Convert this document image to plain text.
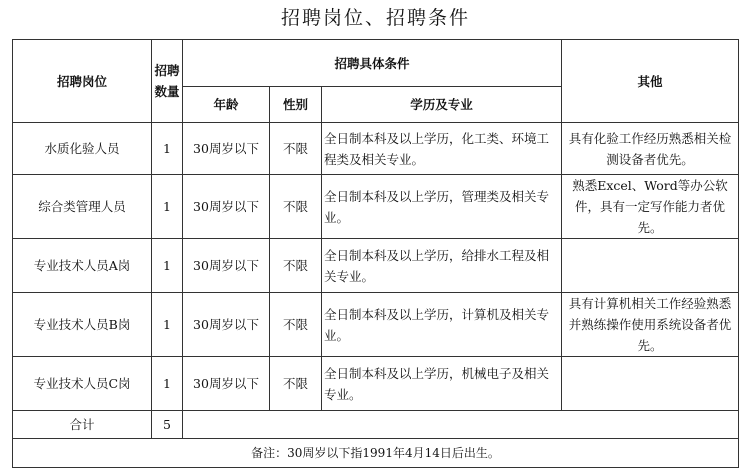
招聘岗位、招聘条件
招聘岗位	招聘数量	招聘具体条件			其他
		年龄	性别	学历及专业	
水质化验人员	1	30周岁以下	不限	全日制本科及以上学历，化工类、环境工程类及相关专业。	具有化验工作经历熟悉相关检测设备者优先。
综合类管理人员	1	30周岁以下	不限	全日制本科及以上学历，管理类及相关专业。	熟悉Excel、Word等办公软件，具有一定写作能力者优先。
专业技术人员A岗	1	30周岁以下	不限	全日制本科及以上学历，给排水工程及相关专业。	
专业技术人员B岗	1	30周岁以下	不限	全日制本科及以上学历，计算机及相关专业。	具有计算机相关工作经验熟悉并熟练操作使用系统设备者优先。
专业技术人员C岗	1	30周岁以下	不限	全日制本科及以上学历，机械电子及相关专业。	
合计	5				
备注：30周岁以下指1991年4月14日后出生。					
